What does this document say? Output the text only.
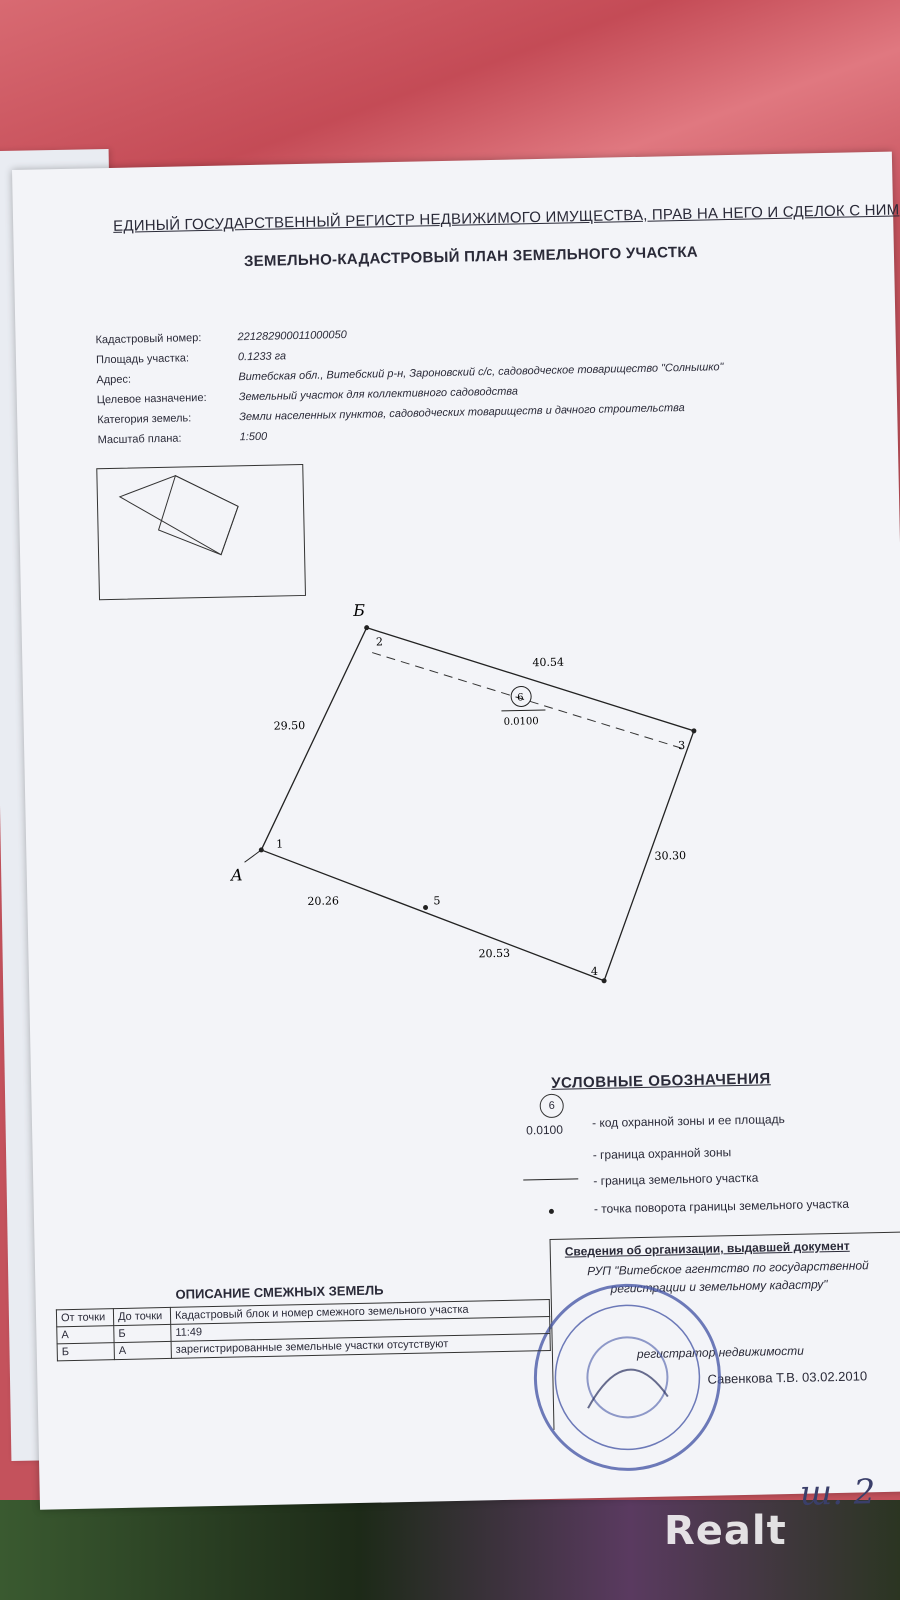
ЕДИНЫЙ ГОСУДАРСТВЕННЫЙ РЕГИСТР НЕДВИЖИМОГО ИМУЩЕСТВА, ПРАВ НА НЕГО И СДЕЛОК С НИМ
ЗЕМЕЛЬНО-КАДАСТРОВЫЙ ПЛАН ЗЕМЕЛЬНОГО УЧАСТКА
Кадастровый номер:	221282900011000050
Площадь участка:	0.1233 га
Адрес:	Витебская обл., Витебский р-н, Зароновский с/с, садоводческое товарищество "Солнышко"
Целевое назначение:	Земельный участок для коллективного садоводства
Категория земель:	Земли населенных пунктов, садоводческих товариществ и дачного строительства
Масштаб плана:	1:500
А
Б
1
2
3
4
5
29.50
40.54
30.30
20.53
20.26
6
0.0100
УСЛОВНЫЕ ОБОЗНАЧЕНИЯ
6
0.0100 - код охранной зоны и ее площадь
- граница охранной зоны
- граница земельного участка
- точка поворота границы земельного участка
Сведения об организации, выдавшей документ
РУП "Витебское агентство по государственной
регистрации и земельному кадастру"
регистратор недвижимости
Савенкова Т.В. 03.02.2010
ОПИСАНИЕ СМЕЖНЫХ ЗЕМЕЛЬ
От точки	До точки	Кадастровый блок и номер смежного земельного участка
А	Б	11:49
Б	А	зарегистрированные земельные участки отсутствуют
ш. 2
Realt
